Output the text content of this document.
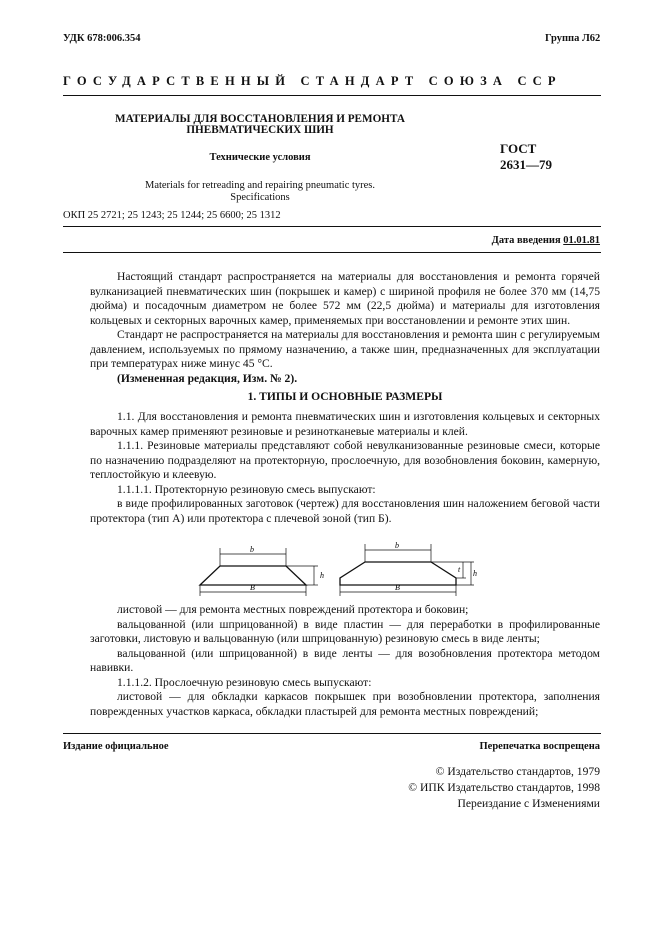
УДК 678:006.354	Группа Л62
ГОСУДАРСТВЕННЫЙ СТАНДАРТ СОЮЗА ССР
МАТЕРИАЛЫ ДЛЯ ВОССТАНОВЛЕНИЯ И РЕМОНТА
ПНЕВМАТИЧЕСКИХ ШИН
Технические условия
Materials for retreading and repairing pneumatic tyres.
Specifications
ГОСТ
2631—79
ОКП 25 2721; 25 1243; 25 1244; 25 6600; 25 1312
Дата введения 01.01.81

Настоящий стандарт распространяется на материалы для восстановления и ремонта горячей вулканизацией пневматических шин (покрышек и камер) с шириной профиля не более 370 мм (14,75 дюйма) и посадочным диаметром не более 572 мм (22,5 дюйма) и материалы для изготовления кольцевых и секторных варочных камер, применяемых при восстановлении и ремонте этих шин.

Стандарт не распространяется на материалы для восстановления и ремонта шин с регулируемым давлением, используемых по прямому назначению, а также шин, предназначенных для эксплуатации при температурах ниже минус 45 °С.

(Измененная редакция, Изм. № 2).

1. ТИПЫ И ОСНОВНЫЕ РАЗМЕРЫ

1.1. Для восстановления и ремонта пневматических шин и изготовления кольцевых и секторных варочных камер применяют резиновые и резинотканевые материалы и клей.

1.1.1. Резиновые материалы представляют собой невулканизованные резиновые смеси, которые по назначению подразделяют на протекторную, прослоечную, для возобновления боковин, камерную, теплостойкую и клеевую.

1.1.1.1. Протекторную резиновую смесь выпускают:

в виде профилированных заготовок (чертеж) для восстановления шин наложением беговой части протектора (тип А) или протектора с плечевой зоной (тип Б).

b
B
h
b
B
t h

листовой — для ремонта местных повреждений протектора и боковин;

вальцованной (или шприцованной) в виде пластин — для переработки в профилированные заготовки, листовую и вальцованную (или шприцованную) резиновую смесь в виде ленты;

вальцованной (или шприцованной) в виде ленты — для возобновления протектора методом навивки.

1.1.1.2. Прослоечную резиновую смесь выпускают:

листовой — для обкладки каркасов покрышек при возобновлении протектора, заполнения поврежденных участков каркаса, обкладки пластырей для ремонта местных повреждений;

Издание официальное	Перепечатка воспрещена
© Издательство стандартов, 1979
© ИПК Издательство стандартов, 1998
Переиздание с Изменениями
